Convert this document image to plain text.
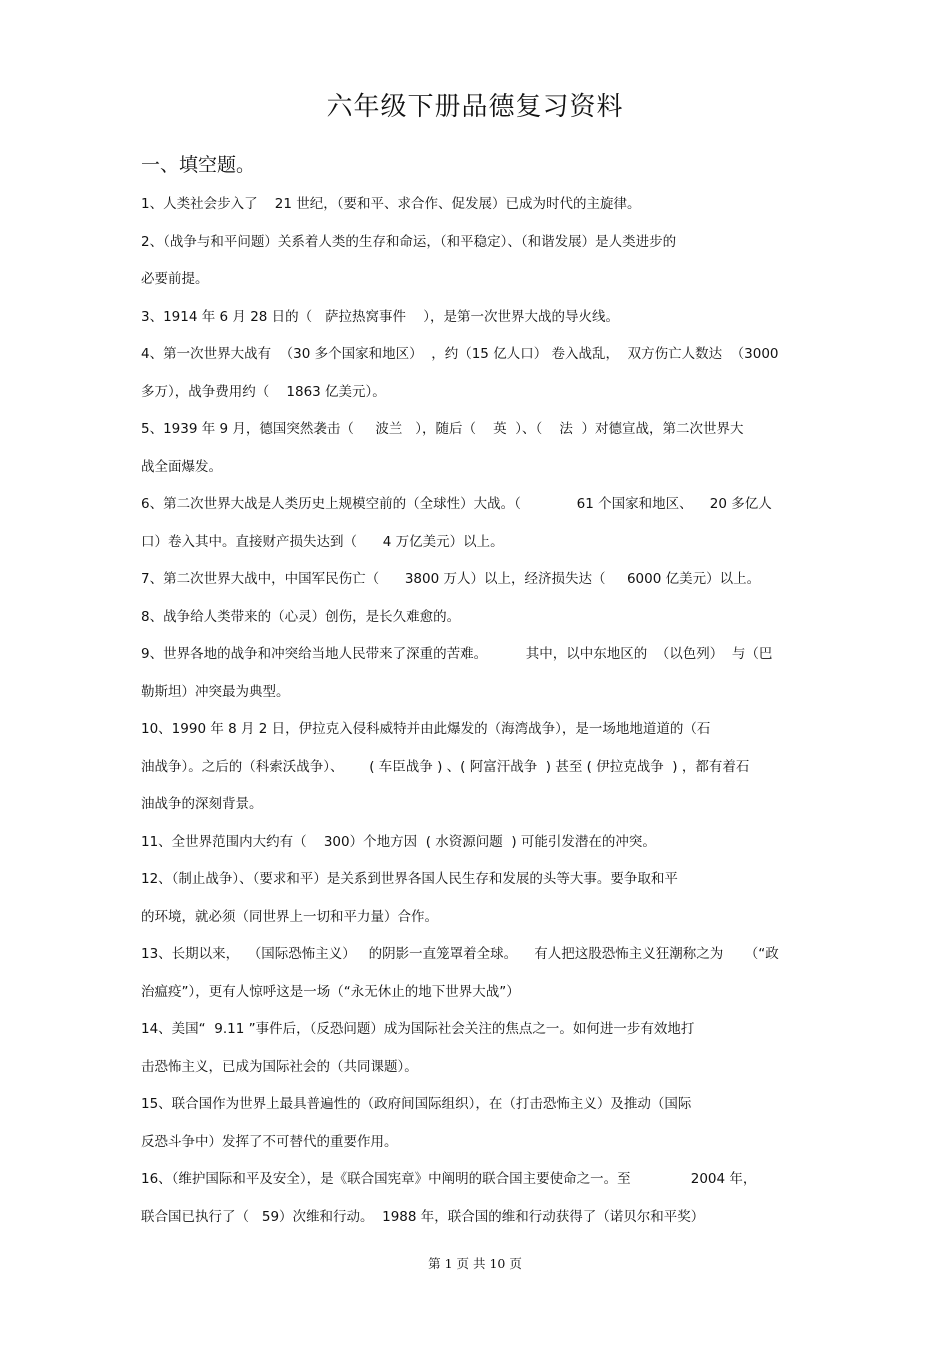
六年级下册品德复习资料
一、填空题。
1、人类社会步入了    21 世纪，（要和平、求合作、促发展）已成为时代的主旋律。
2、（战争与和平问题）关系着人类的生存和命运，（和平稳定）、（和谐发展）是人类进步的
必要前提。
3、1914 年 6 月 28 日的（   萨拉热窝事件    ），是第一次世界大战的导火线。
4、第一次世界大战有  （30 多个国家和地区）  ，约（15 亿人口） 卷入战乱，  双方伤亡人数达  （3000
多万），战争费用约（    1863 亿美元）。
5、1939 年 9 月，德国突然袭击（     波兰   ），随后（    英  ）、（    法  ）对德宣战，第二次世界大
战全面爆发。
6、第二次世界大战是人类历史上规模空前的（全球性）大战。（             61 个国家和地区、    20 多亿人
口）卷入其中。直接财产损失达到（      4 万亿美元）以上。
7、第二次世界大战中，中国军民伤亡（      3800 万人）以上，经济损失达（     6000 亿美元）以上。
8、战争给人类带来的（心灵）创伤，是长久难愈的。
9、世界各地的战争和冲突给当地人民带来了深重的苦难。         其中，以中东地区的  （以色列）  与（巴
勒斯坦）冲突最为典型。
10、1990 年 8 月 2 日，伊拉克入侵科威特并由此爆发的（海湾战争），是一场地地道道的（石
油战争）。之后的（科索沃战争）、      ( 车臣战争 ) 、( 阿富汗战争  ) 甚至 ( 伊拉克战争  ) ，都有着石
油战争的深刻背景。
11、全世界范围内大约有（    300）个地方因  ( 水资源问题  ) 可能引发潜在的冲突。
12、（制止战争）、（要求和平）是关系到世界各国人民生存和发展的头等大事。要争取和平
的环境，就必须（同世界上一切和平力量）合作。
13、长期以来，  （国际恐怖主义）   的阴影一直笼罩着全球。    有人把这股恐怖主义狂潮称之为     （“政
治瘟疫”），更有人惊呼这是一场（“永无休止的地下世界大战”）
14、美国“  9.11 ”事件后，（反恐问题）成为国际社会关注的焦点之一。如何进一步有效地打
击恐怖主义，已成为国际社会的（共同课题）。
15、联合国作为世界上最具普遍性的（政府间国际组织），在（打击恐怖主义）及推动（国际
反恐斗争中）发挥了不可替代的重要作用。
16、（维护国际和平及安全），是《联合国宪章》中阐明的联合国主要使命之一。至              2004 年，
联合国已执行了（   59）次维和行动。  1988 年，联合国的维和行动获得了（诺贝尔和平奖）
第 1 页 共 10 页
